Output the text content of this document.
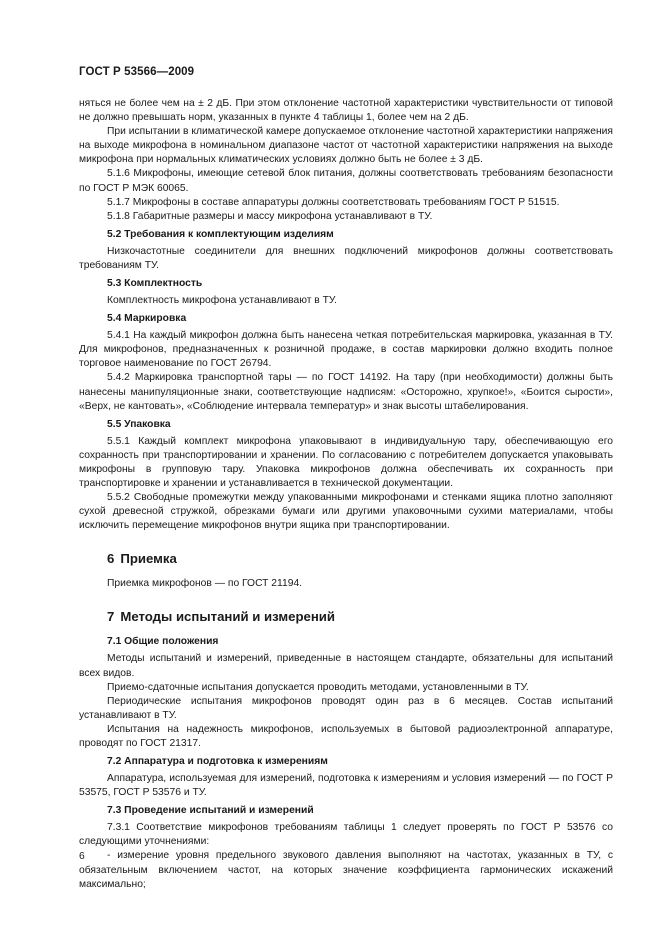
ГОСТ Р 53566—2009

няться не более чем на ± 2 дБ. При этом отклонение частотной характеристики чувствительности от типовой не должно превышать норм, указанных в пункте 4 таблицы 1, более чем на 2 дБ.

При испытании в климатической камере допускаемое отклонение частотной характеристики напряжения на выходе микрофона в номинальном диапазоне частот от частотной характеристики напряжения на выходе микрофона при нормальных климатических условиях должно быть не более ± 3 дБ.

5.1.6 Микрофоны, имеющие сетевой блок питания, должны соответствовать требованиям безопасности по ГОСТ Р МЭК 60065.

5.1.7 Микрофоны в составе аппаратуры должны соответствовать требованиям ГОСТ Р 51515.

5.1.8 Габаритные размеры и массу микрофона устанавливают в ТУ.

5.2 Требования к комплектующим изделиям

Низкочастотные соединители для внешних подключений микрофонов должны соответствовать требованиям ТУ.

5.3 Комплектность

Комплектность микрофона устанавливают в ТУ.

5.4 Маркировка

5.4.1 На каждый микрофон должна быть нанесена четкая потребительская маркировка, указанная в ТУ. Для микрофонов, предназначенных к розничной продаже, в состав маркировки должно входить полное торговое наименование по ГОСТ 26794.

5.4.2 Маркировка транспортной тары — по ГОСТ 14192. На тару (при необходимости) должны быть нанесены манипуляционные знаки, соответствующие надписям: «Осторожно, хрупкое!», «Боится сырости», «Верх, не кантовать», «Соблюдение интервала температур» и знак высоты штабелирования.

5.5 Упаковка

5.5.1 Каждый комплект микрофона упаковывают в индивидуальную тару, обеспечивающую его сохранность при транспортировании и хранении. По согласованию с потребителем допускается упаковывать микрофоны в групповую тару. Упаковка микрофонов должна обеспечивать их сохранность при транспортировке и хранении и устанавливается в технической документации.

5.5.2 Свободные промежутки между упакованными микрофонами и стенками ящика плотно заполняют сухой древесной стружкой, обрезками бумаги или другими упаковочными сухими материалами, чтобы исключить перемещение микрофонов внутри ящика при транспортировании.

6 Приемка

Приемка микрофонов — по ГОСТ 21194.

7 Методы испытаний и измерений

7.1 Общие положения

Методы испытаний и измерений, приведенные в настоящем стандарте, обязательны для испытаний всех видов.

Приемо-сдаточные испытания допускается проводить методами, установленными в ТУ.

Периодические испытания микрофонов проводят один раз в 6 месяцев. Состав испытаний устанавливают в ТУ.

Испытания на надежность микрофонов, используемых в бытовой радиоэлектронной аппаратуре, проводят по ГОСТ 21317.

7.2 Аппаратура и подготовка к измерениям

Аппаратура, используемая для измерений, подготовка к измерениям и условия измерений — по ГОСТ Р 53575, ГОСТ Р 53576 и ТУ.

7.3 Проведение испытаний и измерений

7.3.1 Соответствие микрофонов требованиям таблицы 1 следует проверять по ГОСТ Р 53576 со следующими уточнениями:

- измерение уровня предельного звукового давления выполняют на частотах, указанных в ТУ, с обязательным включением частот, на которых значение коэффициента гармонических искажений максимально;

6
